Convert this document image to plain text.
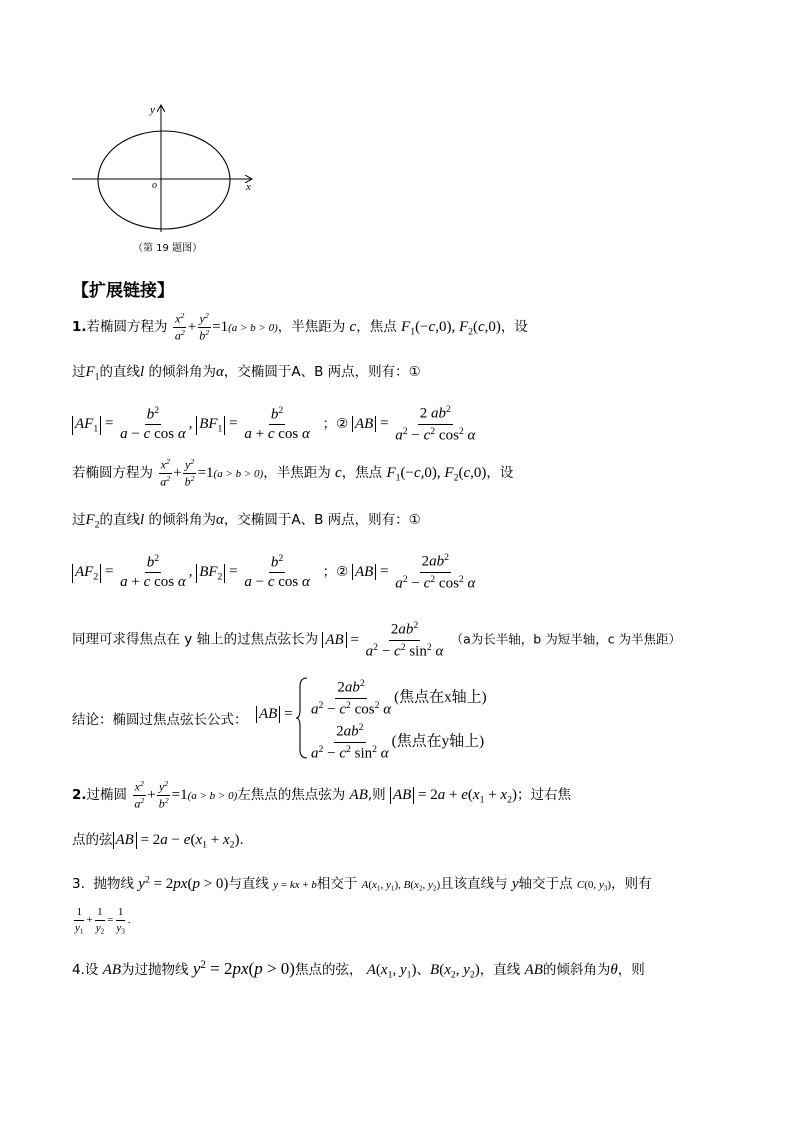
y
x
o
（第 19 题图）
【扩展链接】
1.若椭圆方程为 $\frac{x^2}{a^2} + \frac{y^2}{b^2} =1(a > b > 0)$，半焦距为 c，焦点 $F_1(-c,0)$, $F_2(c,0)$，设
过$F_1$的直线l 的倾斜角为α，交椭圆于A、B 两点，则有：①
$AF_1 = \frac{b^2}{\text{a − c cos α}}$ , $BF_1 = \frac{b^2}{\text{a + c cos α}}$ ；② AB = $\frac{2 ab^2}{a^2 - c^2 \cos^2 \alpha}$
若椭圆方程为 $\frac{x^2}{a^2} + \frac{y^2}{b^2} =1(a > b > 0)$，半焦距为 c，焦点 $F_1(-c,0)$, $F_2(c,0)$，设
过$F_2$的直线l 的倾斜角为α，交椭圆于A、B 两点，则有：①
$AF_2 = \frac{b^2}{\text{a + c cos α}}$ , $BF_2 = \frac{b^2}{\text{a − c cos α}}$ ；② AB = $\frac{2ab^2}{a^2 - c^2 \cos^2 \alpha}$
同理可求得焦点在 y 轴上的过焦点弦长为 AB = $\frac{2ab^2}{a^2 - c^2 \sin^2 \alpha} (a$为长半轴，b 为短半轴，c 为半焦距）
结论：椭圆过焦点弦长公式： AB = $\frac{2ab^2}{a^2 - c^2 \cos^2 \alpha}$ (焦点在x轴上)
$\frac{2ab^2}{a^2 - c^2 \sin^2 \alpha}$ (焦点在y轴上)
2.过椭圆 $\frac{x^2}{a^2} + \frac{y^2}{b^2} =1(a > b > 0)$左焦点的焦点弦为 AB,则 AB = $2a + e(x_1 + x_2)$；过右焦
点的弦 AB = $2a - e(x_1 + x_2)$.
3. 抛物线 $y^2 = 2px(p > 0)$与直线 y = kx + b相交于 $A(x_1$, $y_1$), $B(x_2$, $y_2$)且该直线与 y轴交于点 C(0, $y_3$)，则有
$\frac{1}{y_1} + \frac{1}{y_2} = \frac{1}{y_3}$ .
4.设 AB为过抛物线 $y^2 = 2px(p > 0)$焦点的弦， $A(x_1$, $y_1$)、$B(x_2$, $y_2$)，直线 AB的倾斜角为θ，则
